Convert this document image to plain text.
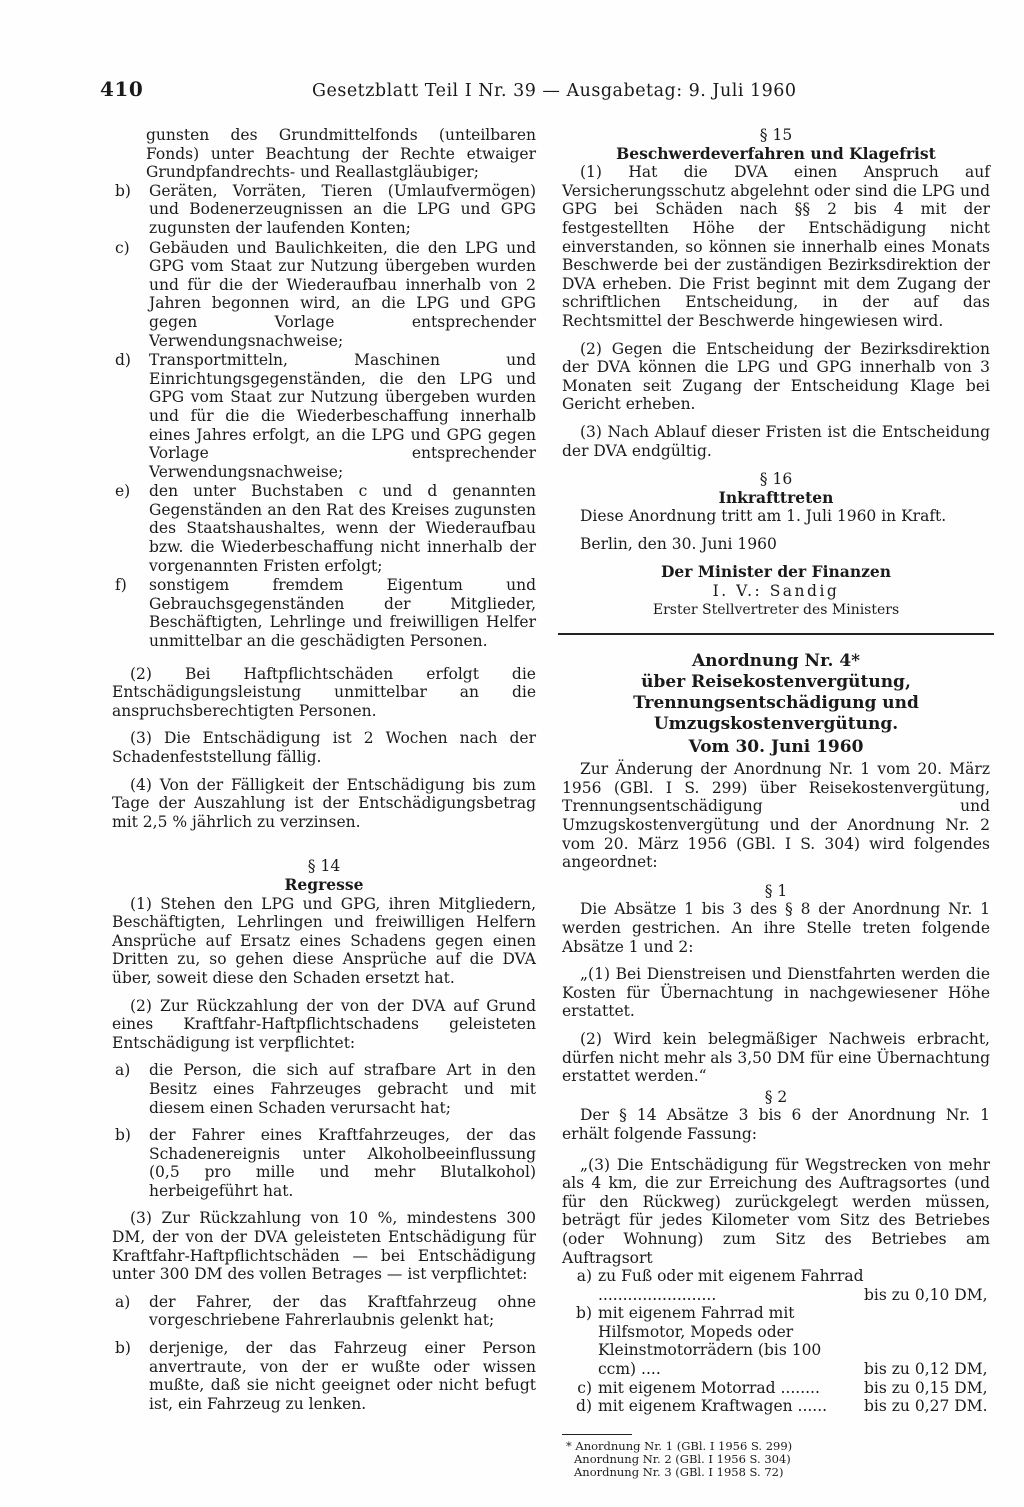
410	Gesetzblatt Teil I Nr. 39 — Ausgabetag: 9. Juli 1960

gunsten des Grundmittelfonds (unteilbaren Fonds) unter Beachtung der Rechte etwaiger Grundpfandrechts- und Reallastgläubiger;

b)	Geräten, Vorräten, Tieren (Umlaufvermögen) und Bodenerzeugnissen an die LPG und GPG zugunsten der laufenden Konten;
c)	Gebäuden und Baulichkeiten, die den LPG und GPG vom Staat zur Nutzung übergeben wurden und für die der Wiederaufbau innerhalb von 2 Jahren begonnen wird, an die LPG und GPG gegen Vorlage entsprechender Verwendungsnachweise;
d)	Transportmitteln, Maschinen und Einrichtungsgegenständen, die den LPG und GPG vom Staat zur Nutzung übergeben wurden und für die die Wiederbeschaffung innerhalb eines Jahres erfolgt, an die LPG und GPG gegen Vorlage entsprechender Verwendungsnachweise;
e)	den unter Buchstaben c und d genannten Gegenständen an den Rat des Kreises zugunsten des Staatshaushaltes, wenn der Wiederaufbau bzw. die Wiederbeschaffung nicht innerhalb der vorgenannten Fristen erfolgt;
f)	sonstigem fremdem Eigentum und Gebrauchsgegenständen der Mitglieder, Beschäftigten, Lehrlinge und freiwilligen Helfer unmittelbar an die geschädigten Personen.

(2) Bei Haftpflichtschäden erfolgt die Entschädigungsleistung unmittelbar an die anspruchsberechtigten Personen.

(3) Die Entschädigung ist 2 Wochen nach der Schadenfeststellung fällig.

(4) Von der Fälligkeit der Entschädigung bis zum Tage der Auszahlung ist der Entschädigungsbetrag mit 2,5 % jährlich zu verzinsen.

§ 14

Regresse

(1) Stehen den LPG und GPG, ihren Mitgliedern, Beschäftigten, Lehrlingen und freiwilligen Helfern Ansprüche auf Ersatz eines Schadens gegen einen Dritten zu, so gehen diese Ansprüche auf die DVA über, soweit diese den Schaden ersetzt hat.

(2) Zur Rückzahlung der von der DVA auf Grund eines Kraftfahr-Haftpflichtschadens geleisteten Entschädigung ist verpflichtet:

a)	die Person, die sich auf strafbare Art in den Besitz eines Fahrzeuges gebracht und mit diesem einen Schaden verursacht hat;
b)	der Fahrer eines Kraftfahrzeuges, der das Schadenereignis unter Alkoholbeeinflussung (0,5 pro mille und mehr Blutalkohol) herbeigeführt hat.

(3) Zur Rückzahlung von 10 %, mindestens 300 DM, der von der DVA geleisteten Entschädigung für Kraftfahr-Haftpflichtschäden — bei Entschädigung unter 300 DM des vollen Betrages — ist verpflichtet:

a)	der Fahrer, der das Kraftfahrzeug ohne vorgeschriebene Fahrerlaubnis gelenkt hat;
b)	derjenige, der das Fahrzeug einer Person anvertraute, von der er wußte oder wissen mußte, daß sie nicht geeignet oder nicht befugt ist, ein Fahrzeug zu lenken.

§ 15

Beschwerdeverfahren und Klagefrist

(1) Hat die DVA einen Anspruch auf Versicherungsschutz abgelehnt oder sind die LPG und GPG bei Schäden nach §§ 2 bis 4 mit der festgestellten Höhe der Entschädigung nicht einverstanden, so können sie innerhalb eines Monats Beschwerde bei der zuständigen Bezirksdirektion der DVA erheben. Die Frist beginnt mit dem Zugang der schriftlichen Entscheidung, in der auf das Rechtsmittel der Beschwerde hingewiesen wird.

(2) Gegen die Entscheidung der Bezirksdirektion der DVA können die LPG und GPG innerhalb von 3 Monaten seit Zugang der Entscheidung Klage bei Gericht erheben.

(3) Nach Ablauf dieser Fristen ist die Entscheidung der DVA endgültig.

§ 16

Inkrafttreten

Diese Anordnung tritt am 1. Juli 1960 in Kraft.

Berlin, den 30. Juni 1960

Der Minister der Finanzen

I. V.: Sandig

Erster Stellvertreter des Ministers

Anordnung Nr. 4*

über Reisekostenvergütung, Trennungsentschädigung und Umzugskostenvergütung.

Vom 30. Juni 1960

Zur Änderung der Anordnung Nr. 1 vom 20. März 1956 (GBl. I S. 299) über Reisekostenvergütung, Trennungsentschädigung und Umzugskostenvergütung und der Anordnung Nr. 2 vom 20. März 1956 (GBl. I S. 304) wird folgendes angeordnet:

§ 1

Die Absätze 1 bis 3 des § 8 der Anordnung Nr. 1 werden gestrichen. An ihre Stelle treten folgende Absätze 1 und 2:

„(1) Bei Dienstreisen und Dienstfahrten werden die Kosten für Übernachtung in nachgewiesener Höhe erstattet.

(2) Wird kein belegmäßiger Nachweis erbracht, dürfen nicht mehr als 3,50 DM für eine Übernachtung erstattet werden.“

§ 2

Der § 14 Absätze 3 bis 6 der Anordnung Nr. 1 erhält folgende Fassung:

„(3) Die Entschädigung für Wegstrecken von mehr als 4 km, die zur Erreichung des Auftragsortes (und für den Rückweg) zurückgelegt werden müssen, beträgt für jedes Kilometer vom Sitz des Betriebes (oder Wohnung) zum Sitz des Betriebes am Auftragsort

a) zu Fuß oder mit eigenem Fahrrad ........................	bis zu 0,10 DM,
b) mit eigenem Fahrrad mit Hilfsmotor, Mopeds oder Kleinstmotorrädern (bis 100 ccm) ....	bis zu 0,12 DM,
c) mit eigenem Motorrad ........	bis zu 0,15 DM,
d) mit eigenem Kraftwagen ......	bis zu 0,27 DM.
* Anordnung Nr. 1 (GBl. I 1956 S. 299)
Anordnung Nr. 2 (GBl. I 1956 S. 304)
Anordnung Nr. 3 (GBl. I 1958 S. 72)
